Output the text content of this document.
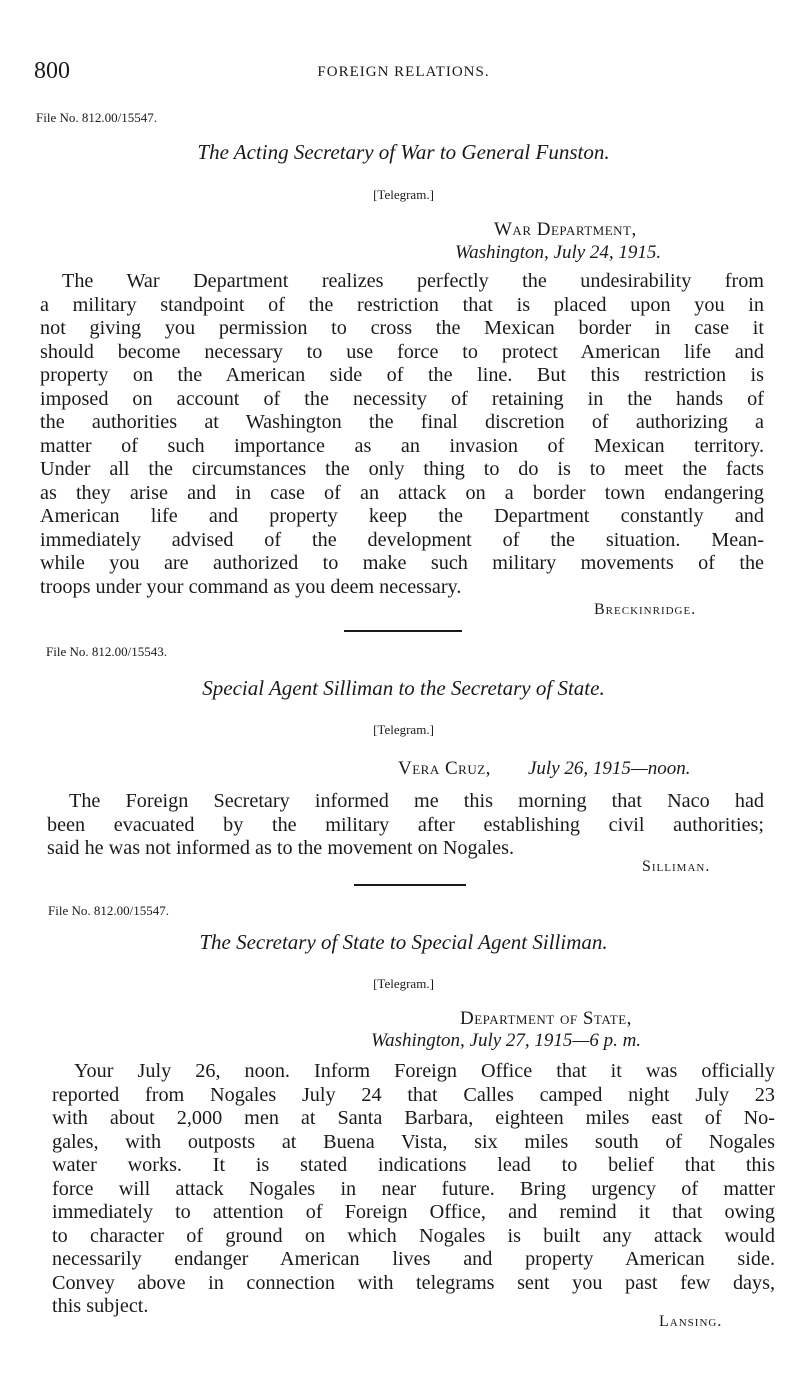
800	FOREIGN RELATIONS.
File No. 812.00/15547.
The Acting Secretary of War to General Funston.
[Telegram.]
War Department,
Washington, July 24, 1915.
The War Department realizes perfectly the undesirability from
a military standpoint of the restriction that is placed upon you in
not giving you permission to cross the Mexican border in case it
should become necessary to use force to protect American life and
property on the American side of the line. But this restriction is
imposed on account of the necessity of retaining in the hands of
the authorities at Washington the final discretion of authorizing a
matter of such importance as an invasion of Mexican territory.
Under all the circumstances the only thing to do is to meet the facts
as they arise and in case of an attack on a border town endangering
American life and property keep the Department constantly and
immediately advised of the development of the situation. Mean-
while you are authorized to make such military movements of the
troops under your command as you deem necessary.
Breckinridge.
File No. 812.00/15543.
Special Agent Silliman to the Secretary of State.
[Telegram.]
Vera Cruz, July 26, 1915—noon.
The Foreign Secretary informed me this morning that Naco had
been evacuated by the military after establishing civil authorities;
said he was not informed as to the movement on Nogales.
Silliman.
File No. 812.00/15547.
The Secretary of State to Special Agent Silliman.
[Telegram.]
Department of State,
Washington, July 27, 1915—6 p. m.
Your July 26, noon. Inform Foreign Office that it was officially
reported from Nogales July 24 that Calles camped night July 23
with about 2,000 men at Santa Barbara, eighteen miles east of No-
gales, with outposts at Buena Vista, six miles south of Nogales
water works. It is stated indications lead to belief that this
force will attack Nogales in near future. Bring urgency of matter
immediately to attention of Foreign Office, and remind it that owing
to character of ground on which Nogales is built any attack would
necessarily endanger American lives and property American side.
Convey above in connection with telegrams sent you past few days,
this subject.
Lansing.
